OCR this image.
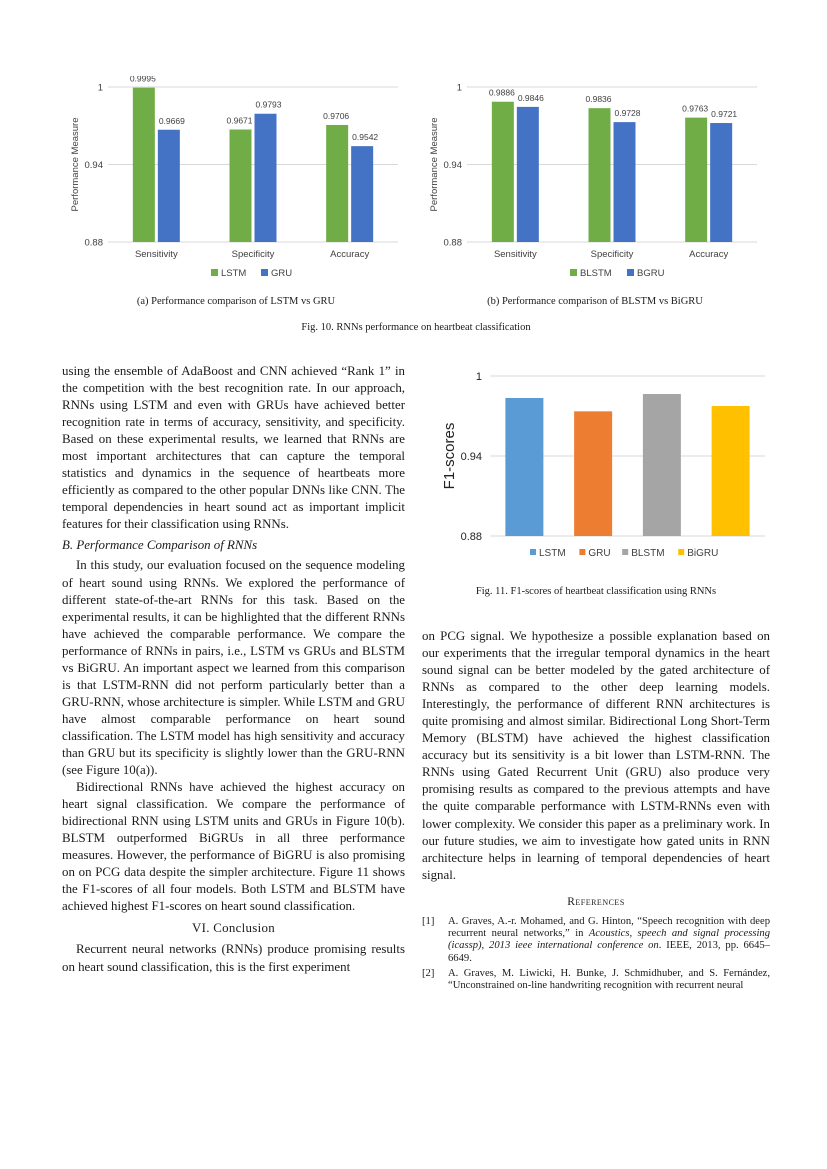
0.88
0.94
1
Performance Measure
0.9995
0.9669
Sensitivity
0.9671
0.9793
Specificity
0.9706
0.9542
Accuracy
LSTM	GRU
0.88
0.94
1
Performance Measure
0.9886
0.9846
Sensitivity
0.9836
0.9728
Specificity
0.9763
0.9721
Accuracy
BLSTM	BGRU
(a) Performance comparison of LSTM vs GRU	(b) Performance comparison of BLSTM vs BiGRU
Fig. 10. RNNs performance on heartbeat classification
0.88
0.94
1
F1-scores
LSTM GRU BLSTM BiGRU
Fig. 11. F1-scores of heartbeat classification using RNNs

using the ensemble of AdaBoost and CNN achieved “Rank 1” in the competition with the best recognition rate. In our approach, RNNs using LSTM and even with GRUs have achieved better recognition rate in terms of accuracy, sensitivity, and specificity. Based on these experimental results, we learned that RNNs are most important architectures that can capture the temporal statistics and dynamics in the sequence of heartbeats more efficiently as compared to the other popular DNNs like CNN. The temporal dependencies in heart sound act as important implicit features for their classification using RNNs.

B. Performance Comparison of RNNs

In this study, our evaluation focused on the sequence modeling of heart sound using RNNs. We explored the performance of different state-of-the-art RNNs for this task. Based on the experimental results, it can be highlighted that the different RNNs have achieved the comparable performance. We compare the performance of RNNs in pairs, i.e., LSTM vs GRUs and BLSTM vs BiGRU. An important aspect we learned from this comparison is that LSTM-RNN did not perform particularly better than a GRU-RNN, whose architecture is simpler. While LSTM and GRU have almost comparable performance on heart sound classification. The LSTM model has high sensitivity and accuracy than GRU but its specificity is slightly lower than the GRU-RNN (see Figure 10(a)).

Bidirectional RNNs have achieved the highest accuracy on heart signal classification. We compare the performance of bidirectional RNN using LSTM units and GRUs in Figure 10(b). BLSTM outperformed BiGRUs in all three performance measures. However, the performance of BiGRU is also promising on on PCG data despite the simpler architecture. Figure 11 shows the F1-scores of all four models. Both LSTM and BLSTM have achieved highest F1-scores on heart sound classification.

VI. Conclusion

Recurrent neural networks (RNNs) produce promising results on heart sound classification, this is the first experiment

on PCG signal. We hypothesize a possible explanation based on our experiments that the irregular temporal dynamics in the heart sound signal can be better modeled by the gated architecture of RNNs as compared to the other deep learning models. Interestingly, the performance of different RNN architectures is quite promising and almost similar. Bidirectional Long Short-Term Memory (BLSTM) have achieved the highest classification accuracy but its sensitivity is a bit lower than LSTM-RNN. The RNNs using Gated Recurrent Unit (GRU) also produce very promising results as compared to the previous attempts and have the quite comparable performance with LSTM-RNNs even with lower complexity. We consider this paper as a preliminary work. In our future studies, we aim to investigate how gated units in RNN architecture helps in learning of temporal dependencies of heart signal.

References
[1]	A. Graves, A.-r. Mohamed, and G. Hinton, “Speech recognition with deep recurrent neural networks,” in Acoustics, speech and signal processing (icassp), 2013 ieee international conference on. IEEE, 2013, pp. 6645–6649.
[2]	A. Graves, M. Liwicki, H. Bunke, J. Schmidhuber, and S. Fernández, “Unconstrained on-line handwriting recognition with recurrent neural
